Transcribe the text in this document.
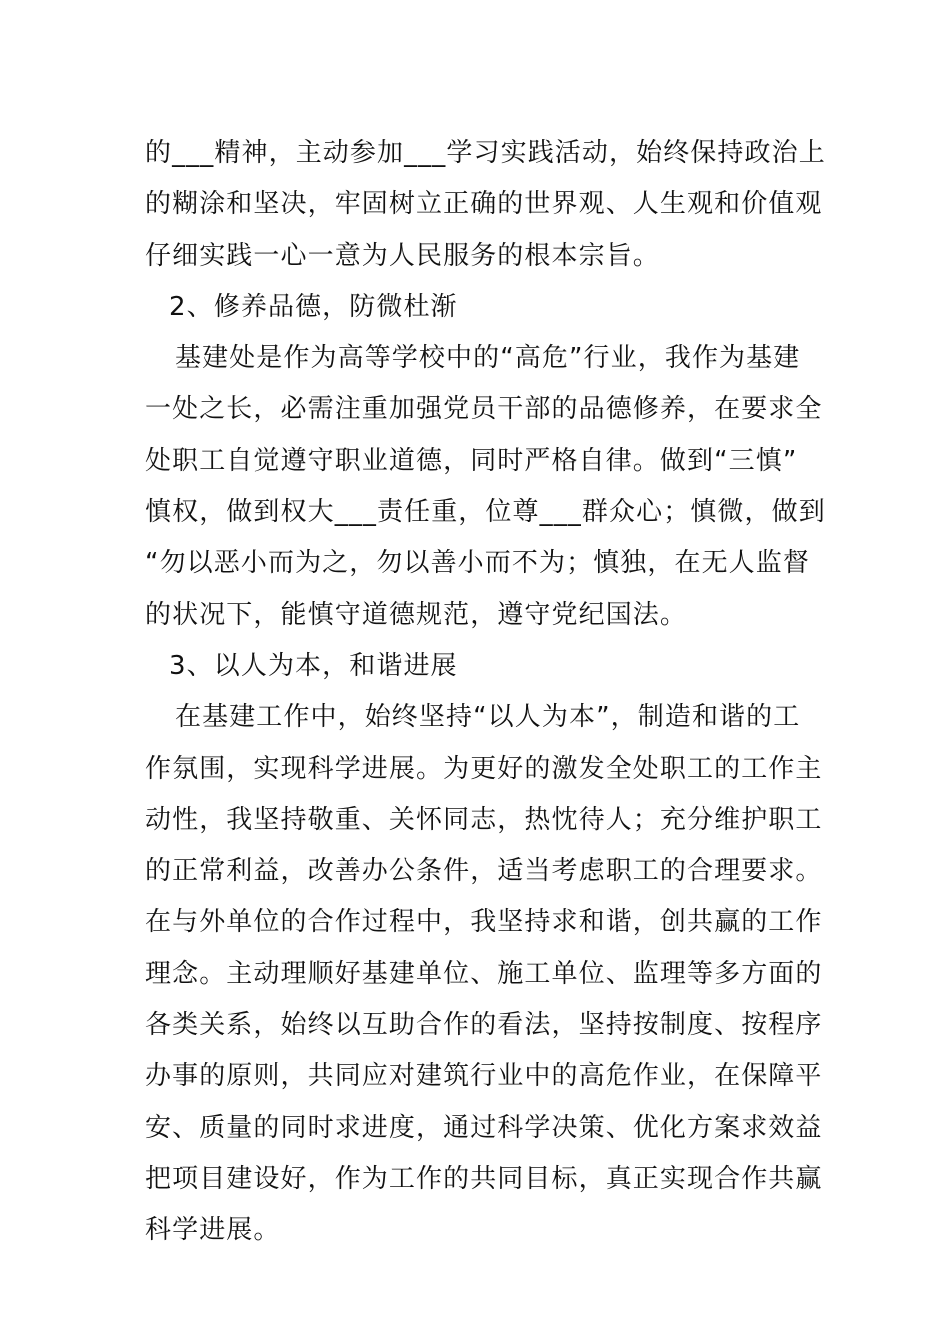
的___精神，主动参加___学习实践活动，始终保持政治上
的糊涂和坚决，牢固树立正确的世界观、人生观和价值观
仔细实践一心一意为人民服务的根本宗旨。
2、修养品德，防微杜渐
基建处是作为高等学校中的“高危”行业，我作为基建
一处之长，必需注重加强党员干部的品德修养，在要求全
处职工自觉遵守职业道德，同时严格自律。做到“三慎”
慎权，做到权大___责任重，位尊___群众心；慎微，做到
“勿以恶小而为之，勿以善小而不为；慎独，在无人监督
的状况下，能慎守道德规范，遵守党纪国法。
3、以人为本，和谐进展
在基建工作中，始终坚持“以人为本”，制造和谐的工
作氛围，实现科学进展。为更好的激发全处职工的工作主
动性，我坚持敬重、关怀同志，热忱待人；充分维护职工
的正常利益，改善办公条件，适当考虑职工的合理要求。
在与外单位的合作过程中，我坚持求和谐，创共赢的工作
理念。主动理顺好基建单位、施工单位、监理等多方面的
各类关系，始终以互助合作的看法，坚持按制度、按程序
办事的原则，共同应对建筑行业中的高危作业，在保障平
安、质量的同时求进度，通过科学决策、优化方案求效益
把项目建设好，作为工作的共同目标，真正实现合作共赢
科学进展。
